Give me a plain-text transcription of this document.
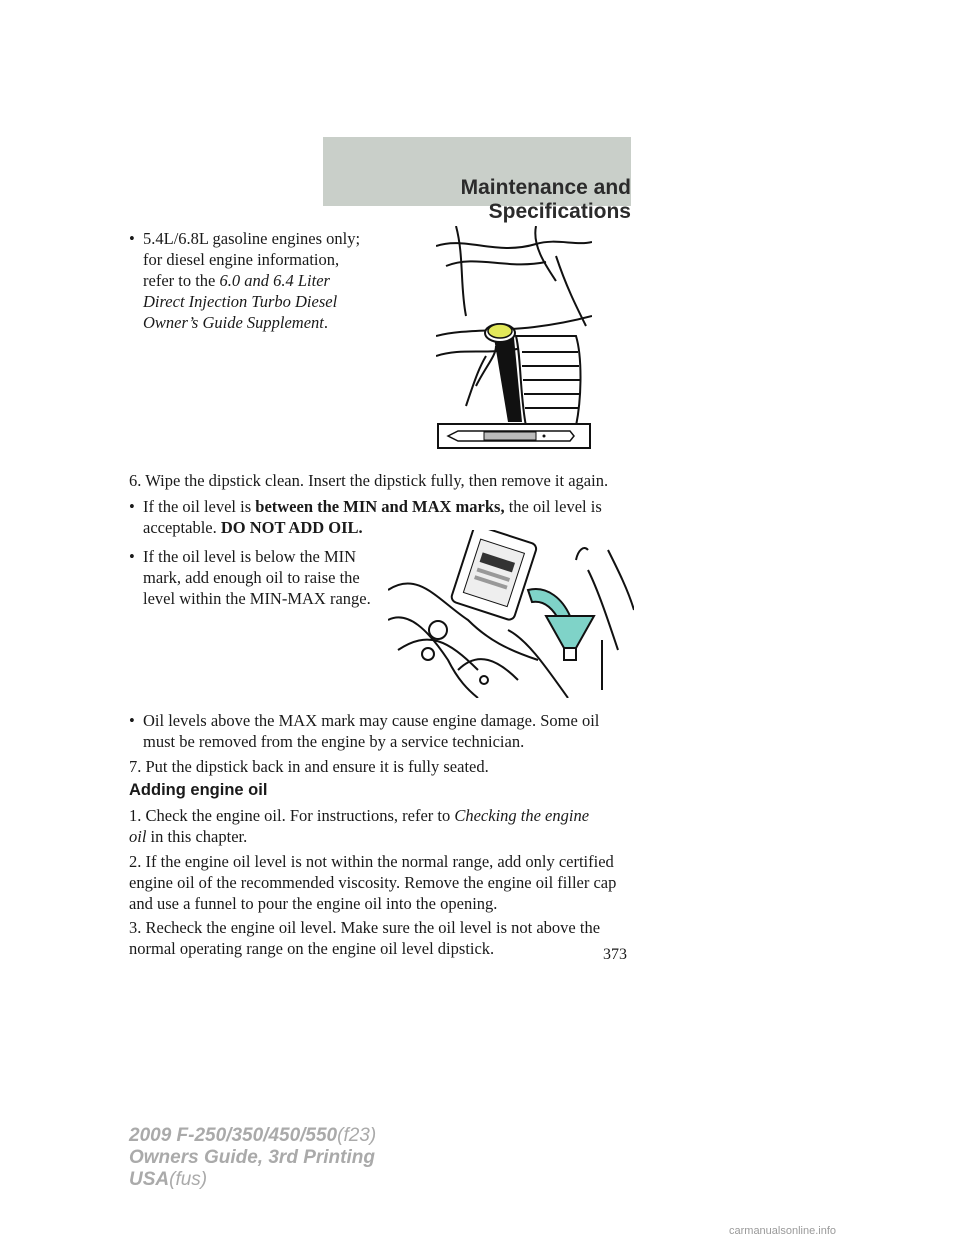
Maintenance and Specifications
• 5.4L/6.8L gasoline engines only;
for diesel engine information,
refer to the 6.0 and 6.4 Liter
Direct Injection Turbo Diesel
Owner’s Guide Supplement.
6. Wipe the dipstick clean. Insert the dipstick fully, then remove it again.
• If the oil level is between the MIN and MAX marks, the oil level is
acceptable. DO NOT ADD OIL.
• If the oil level is below the MIN
mark, add enough oil to raise the
level within the MIN-MAX range.
• Oil levels above the MAX mark may cause engine damage. Some oil
must be removed from the engine by a service technician.
7. Put the dipstick back in and ensure it is fully seated.
Adding engine oil
1. Check the engine oil. For instructions, refer to Checking the engine
oil in this chapter.
2. If the engine oil level is not within the normal range, add only certified
engine oil of the recommended viscosity. Remove the engine oil filler cap
and use a funnel to pour the engine oil into the opening.
3. Recheck the engine oil level. Make sure the oil level is not above the
normal operating range on the engine oil level dipstick.	373
2009 F-250/350/450/550(f23)
Owners Guide, 3rd Printing
USA(fus)
carmanualsonline.info
